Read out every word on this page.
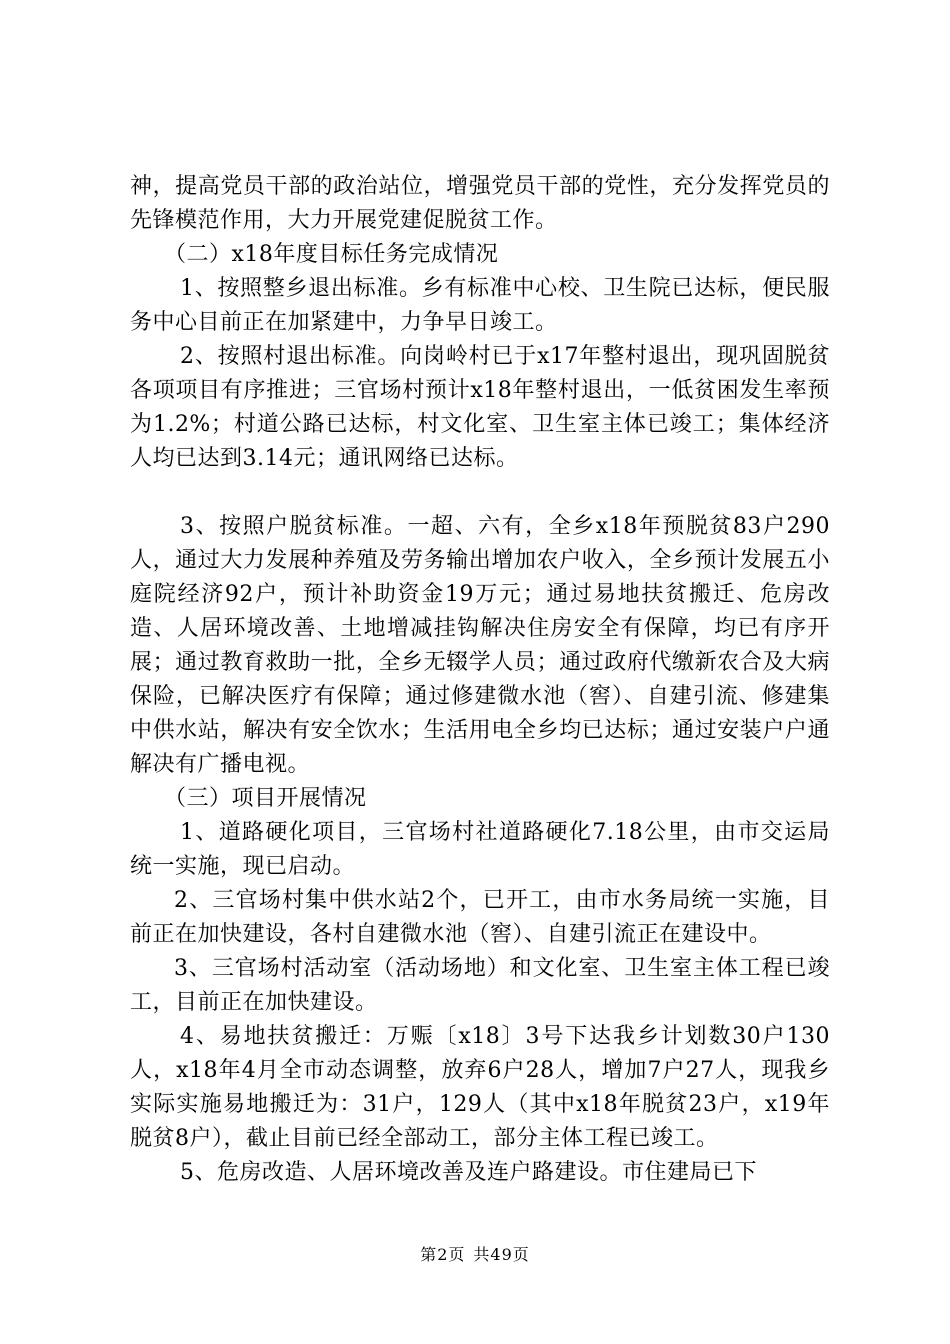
神，提高党员干部的政治站位，增强党员干部的党性，充分发挥党员的先锋模范作用，大力开展党建促脱贫工作。

（二）x18年度目标任务完成情况

1、按照整乡退出标准。乡有标准中心校、卫生院已达标，便民服务中心目前正在加紧建中，力争早日竣工。

2、按照村退出标准。向岗岭村已于x17年整村退出，现巩固脱贫各项项目有序推进；三官场村预计x18年整村退出，一低贫困发生率预为1.2%；村道公路已达标，村文化室、卫生室主体已竣工；集体经济人均已达到3.14元；通讯网络已达标。

3、按照户脱贫标准。一超、六有，全乡x18年预脱贫83户290人，通过大力发展种养殖及劳务输出增加农户收入，全乡预计发展五小庭院经济92户，预计补助资金19万元；通过易地扶贫搬迁、危房改造、人居环境改善、土地增减挂钩解决住房安全有保障，均已有序开展；通过教育救助一批，全乡无辍学人员；通过政府代缴新农合及大病保险，已解决医疗有保障；通过修建微水池（窖）、自建引流、修建集中供水站，解决有安全饮水；生活用电全乡均已达标；通过安装户户通解决有广播电视。

（三）项目开展情况

1、道路硬化项目，三官场村社道路硬化7.18公里，由市交运局统一实施，现已启动。

2、三官场村集中供水站2个，已开工，由市水务局统一实施，目前正在加快建设，各村自建微水池（窖）、自建引流正在建设中。

3、三官场村活动室（活动场地）和文化室、卫生室主体工程已竣工，目前正在加快建设。

4、易地扶贫搬迁：万赈〔x18〕3号下达我乡计划数30户130人，x18年4月全市动态调整，放弃6户28人，增加7户27人，现我乡实际实施易地搬迁为：31户，129人（其中x18年脱贫23户，x19年脱贫8户），截止目前已经全部动工，部分主体工程已竣工。

5、危房改造、人居环境改善及连户路建设。市住建局已下

第2页 共49页
